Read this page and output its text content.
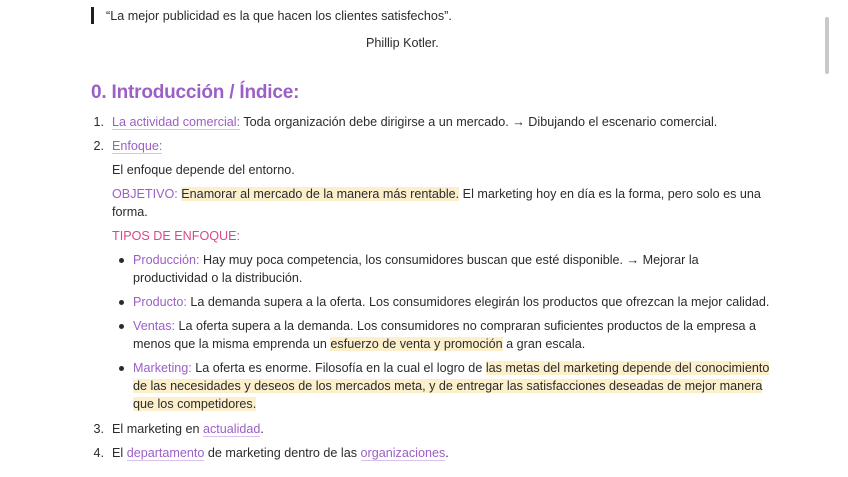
“La mejor publicidad es la que hacen los clientes satisfechos”.
Phillip Kotler.
0. Introducción / Índice:
1. La actividad comercial: Toda organización debe dirigirse a un mercado. → Dibujando el escenario comercial.
2. Enfoque:
El enfoque depende del entorno.
OBJETIVO: Enamorar al mercado de la manera más rentable. El marketing hoy en día es la forma, pero solo es una
forma.
TIPOS DE ENFOQUE:
Producción: Hay muy poca competencia, los consumidores buscan que esté disponible. → Mejorar la
productividad o la distribución.
Producto: La demanda supera a la oferta. Los consumidores elegirán los productos que ofrezcan la mejor calidad.
Ventas: La oferta supera a la demanda. Los consumidores no compraran suficientes productos de la empresa a
menos que la misma emprenda un esfuerzo de venta y promoción a gran escala.
Marketing: La oferta es enorme. Filosofía en la cual el logro de las metas del marketing depende del conocimiento
de las necesidades y deseos de los mercados meta, y de entregar las satisfacciones deseadas de mejor manera
que los competidores.
3. El marketing en actualidad.
4. El departamento de marketing dentro de las organizaciones.
